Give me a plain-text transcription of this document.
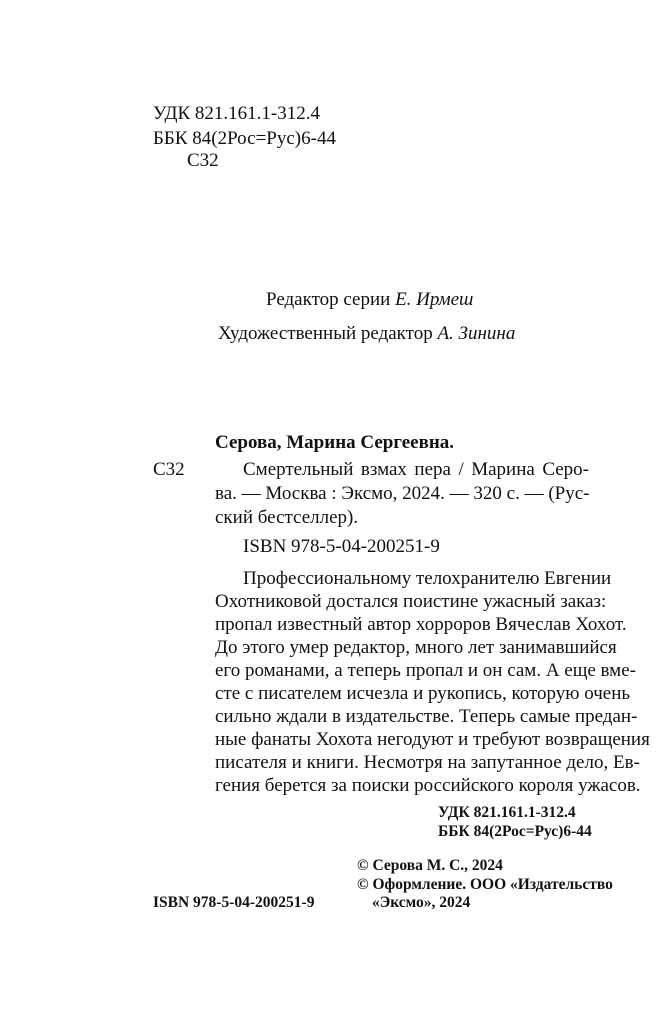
УДК 821.161.1-312.4
ББК 84(2Рос=Рус)6-44
С32
Редактор серии Е. Ирмеш
Художественный редактор А. Зинина
Серова, Марина Сергеевна.
С32	Смертельный взмах пера / Марина Серо-
ва. — Москва : Эксмо, 2024. — 320 с. — (Рус-
ский бестселлер).
ISBN 978-5-04-200251-9
Профессиональному телохранителю Евгении
Охотниковой достался поистине ужасный заказ:
пропал известный автор хорроров Вячеслав Хохот.
До этого умер редактор, много лет занимавшийся
его романами, а теперь пропал и он сам. А еще вме-
сте с писателем исчезла и рукопись, которую очень
сильно ждали в издательстве. Теперь самые предан-
ные фанаты Хохота негодуют и требуют возвращения
писателя и книги. Несмотря на запутанное дело, Ев-
гения берется за поиски российского короля ужасов.
УДК 821.161.1-312.4
ББК 84(2Рос=Рус)6-44
© Серова М. С., 2024
© Оформление. ООО «Издательство
«Эксмо», 2024
ISBN 978-5-04-200251-9
